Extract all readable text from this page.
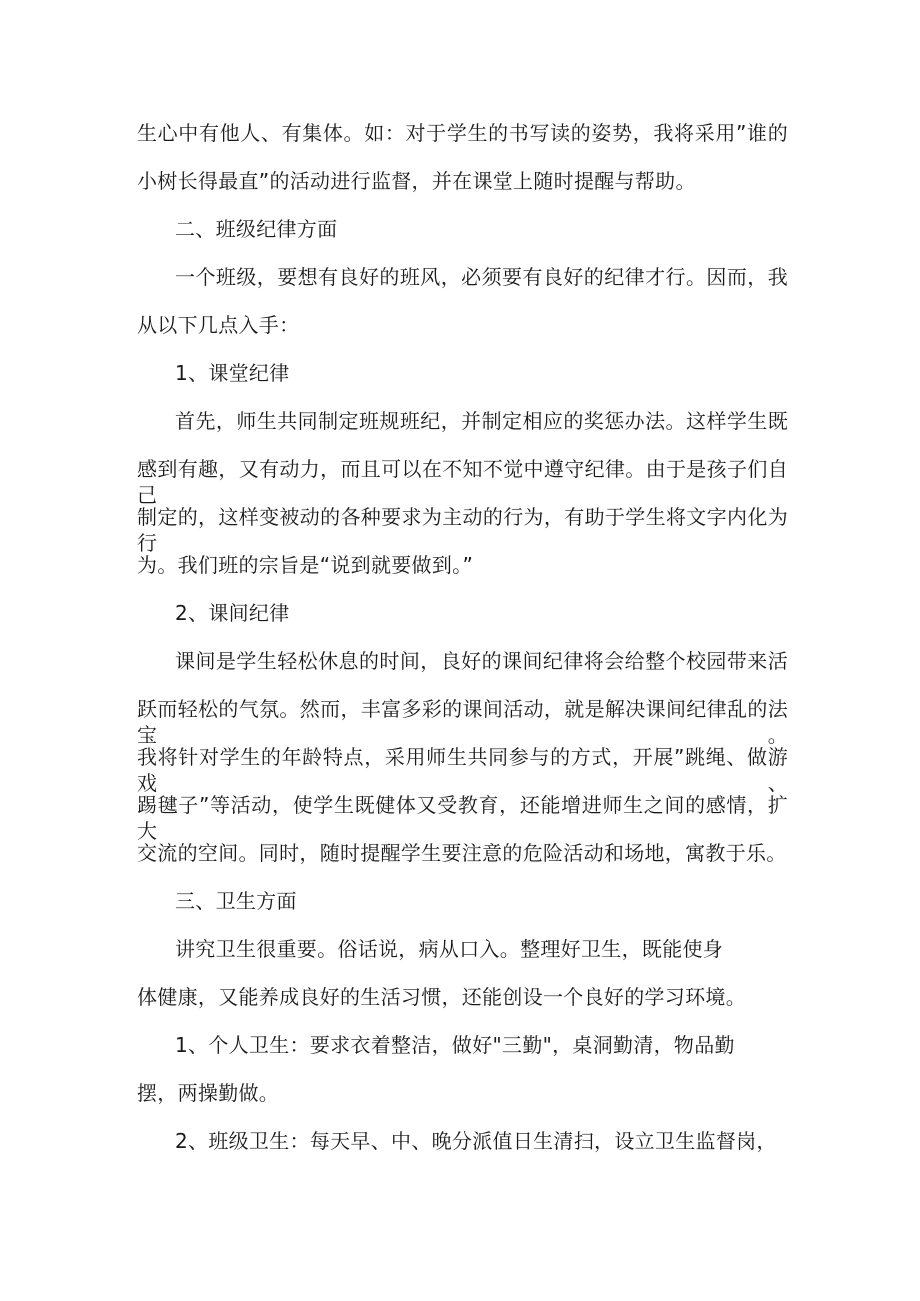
生心中有他人、有集体。如：对于学生的书写读的姿势，我将采用”谁的
小树长得最直”的活动进行监督，并在课堂上随时提醒与帮助。
二、班级纪律方面
一个班级，要想有良好的班风，必须要有良好的纪律才行。因而，我
从以下几点入手：
1、课堂纪律
首先，师生共同制定班规班纪，并制定相应的奖惩办法。这样学生既
感到有趣，又有动力，而且可以在不知不觉中遵守纪律。由于是孩子们自己
制定的，这样变被动的各种要求为主动的行为，有助于学生将文字内化为行
为。我们班的宗旨是“说到就要做到。”
2、课间纪律
课间是学生轻松休息的时间，良好的课间纪律将会给整个校园带来活
跃而轻松的气氛。然而，丰富多彩的课间活动，就是解决课间纪律乱的法宝。
我将针对学生的年龄特点，采用师生共同参与的方式，开展”跳绳、做游戏、
踢毽子”等活动，使学生既健体又受教育，还能增进师生之间的感情，扩大
交流的空间。同时，随时提醒学生要注意的危险活动和场地，寓教于乐。
三、卫生方面
讲究卫生很重要。俗话说，病从口入。整理好卫生，既能使身
体健康，又能养成良好的生活习惯，还能创设一个良好的学习环境。
1、个人卫生：要求衣着整洁，做好"三勤"，桌洞勤清，物品勤
摆，两操勤做。
2、班级卫生：每天早、中、晚分派值日生清扫，设立卫生监督岗，
